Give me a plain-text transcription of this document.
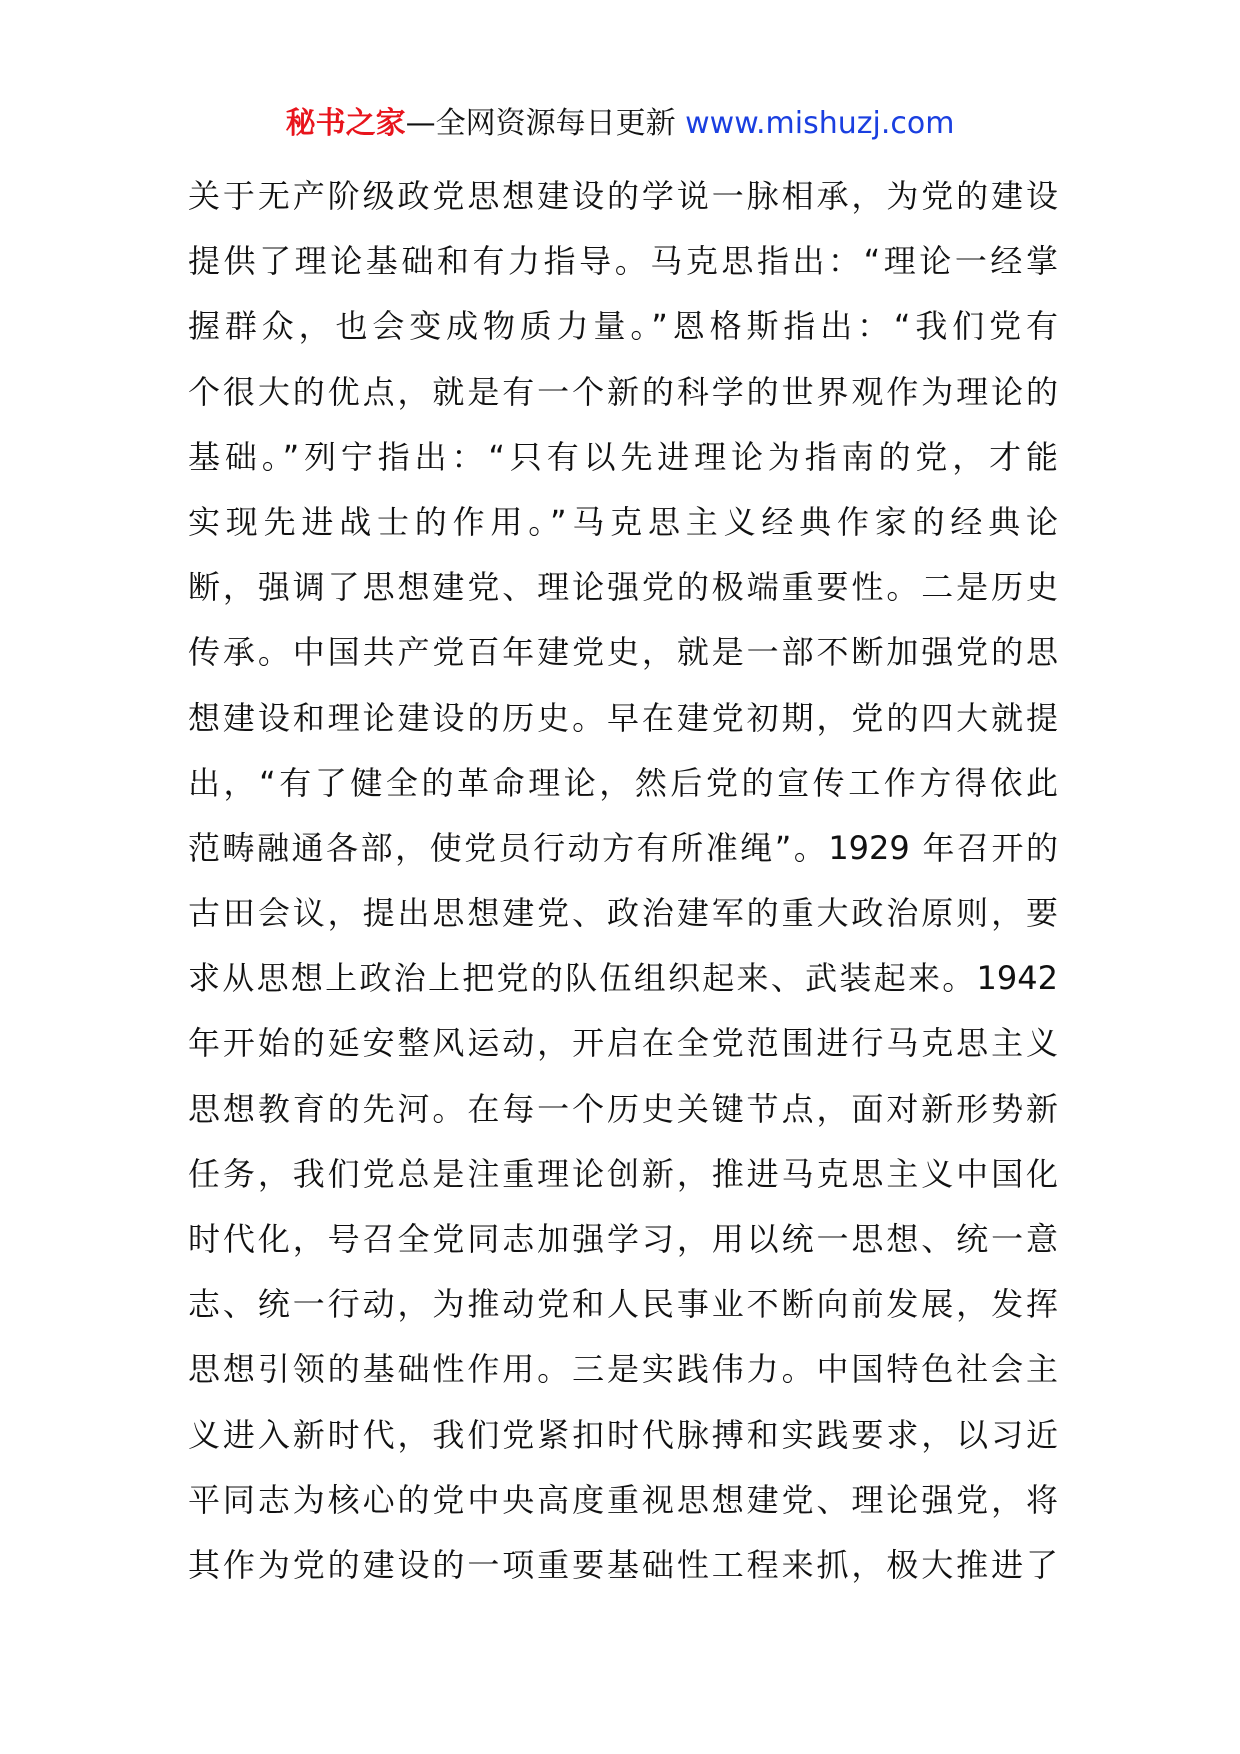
秘书之家—全网资源每日更新 www.mishuzj.com
关于无产阶级政党思想建设的学说一脉相承，为党的建设
提供了理论基础和有力指导。马克思指出：“理论一经掌
握群众，也会变成物质力量。”恩格斯指出：“我们党有
个很大的优点，就是有一个新的科学的世界观作为理论的
基础。”列宁指出：“只有以先进理论为指南的党，才能
实现先进战士的作用。”马克思主义经典作家的经典论
断，强调了思想建党、理论强党的极端重要性。二是历史
传承。中国共产党百年建党史，就是一部不断加强党的思
想建设和理论建设的历史。早在建党初期，党的四大就提
出，“有了健全的革命理论，然后党的宣传工作方得依此
范畴融通各部，使党员行动方有所准绳”。1929 年召开的
古田会议，提出思想建党、政治建军的重大政治原则，要
求从思想上政治上把党的队伍组织起来、武装起来。1942
年开始的延安整风运动，开启在全党范围进行马克思主义
思想教育的先河。在每一个历史关键节点，面对新形势新
任务，我们党总是注重理论创新，推进马克思主义中国化
时代化，号召全党同志加强学习，用以统一思想、统一意
志、统一行动，为推动党和人民事业不断向前发展，发挥
思想引领的基础性作用。三是实践伟力。中国特色社会主
义进入新时代，我们党紧扣时代脉搏和实践要求，以习近
平同志为核心的党中央高度重视思想建党、理论强党，将
其作为党的建设的一项重要基础性工程来抓，极大推进了
